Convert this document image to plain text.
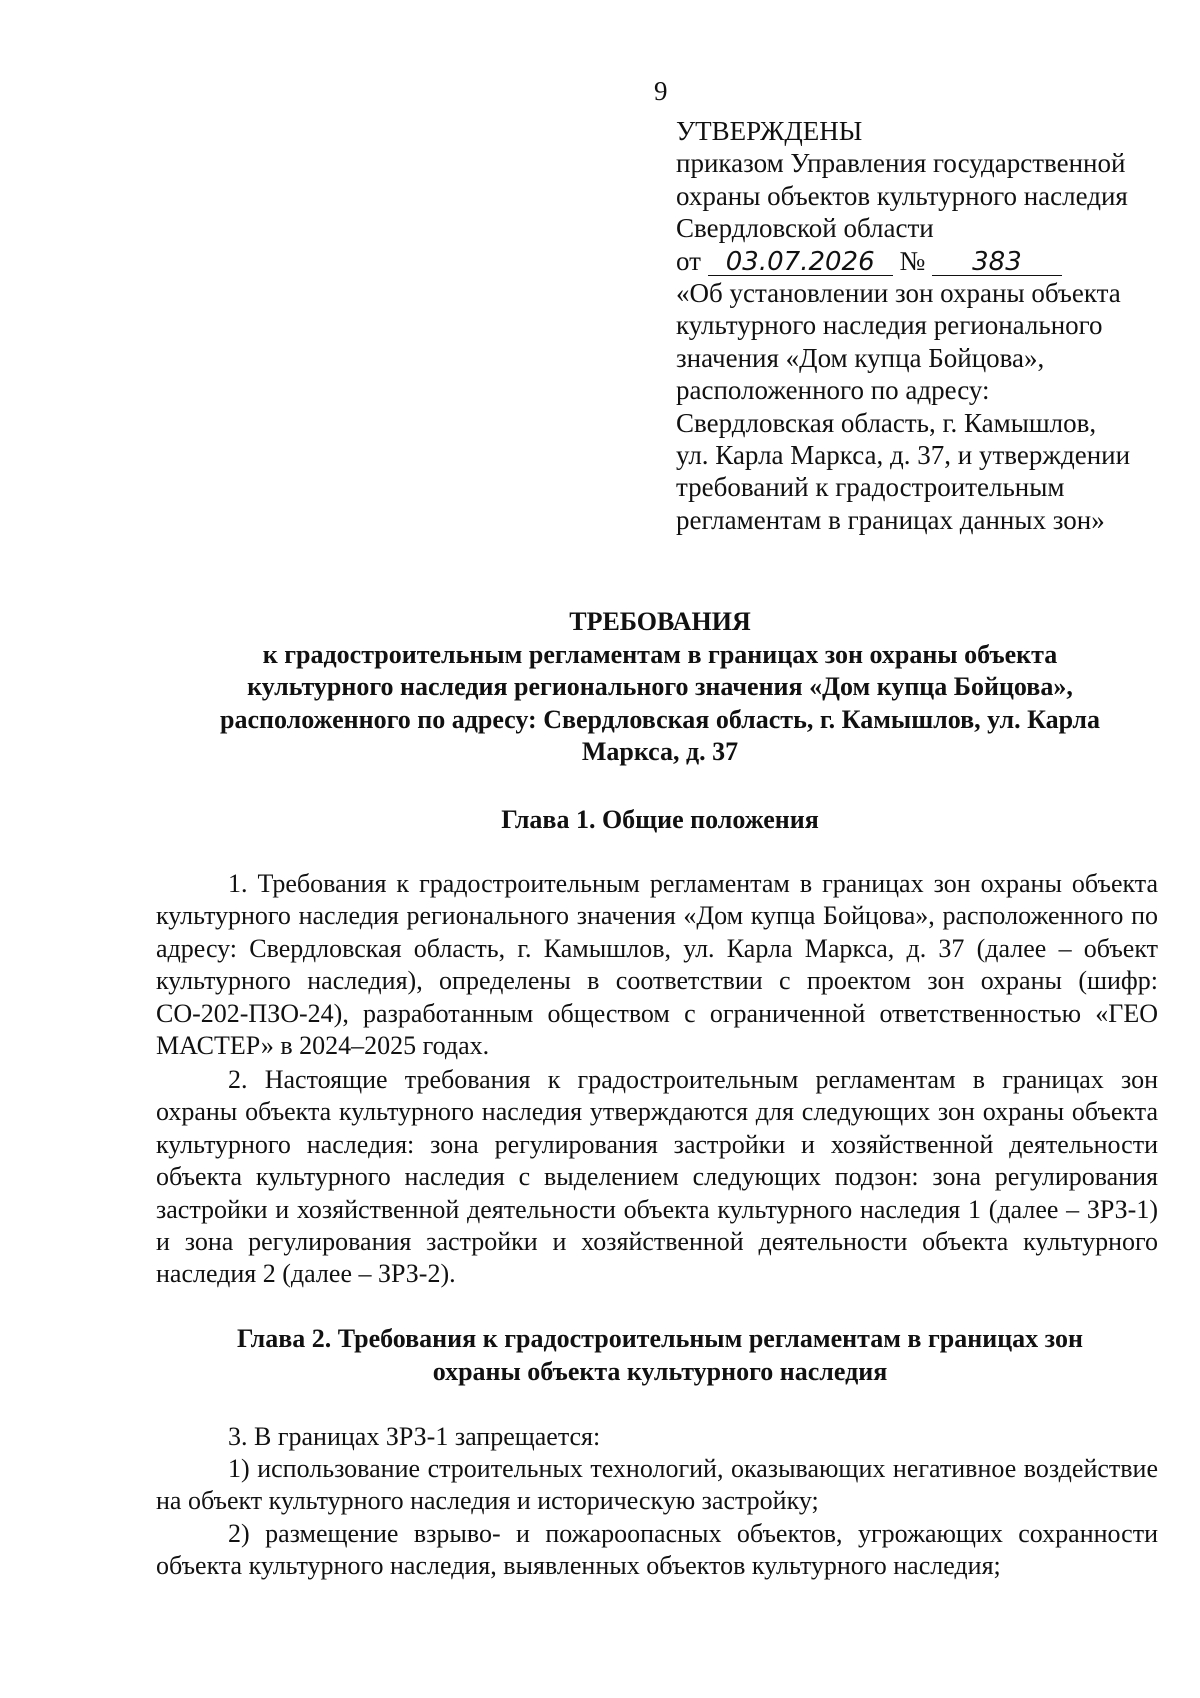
9
УТВЕРЖДЕНЫ
приказом Управления государственной
охраны объектов культурного наследия
Свердловской области
от 03.07.2026 № 383
«Об установлении зон охраны объекта
культурного наследия регионального
значения «Дом купца Бойцова»,
расположенного по адресу:
Свердловская область, г. Камышлов,
ул. Карла Маркса, д. 37, и утверждении
требований к градостроительным
регламентам в границах данных зон»
ТРЕБОВАНИЯ
к градостроительным регламентам в границах зон охраны объекта
культурного наследия регионального значения «Дом купца Бойцова»,
расположенного по адресу: Свердловская область, г. Камышлов, ул. Карла
Маркса, д. 37
Глава 1. Общие положения
1. Требования к градостроительным регламентам в границах зон охраны объекта культурного наследия регионального значения «Дом купца Бойцова», расположенного по адресу: Свердловская область, г. Камышлов, ул. Карла Маркса, д. 37 (далее – объект культурного наследия), определены в соответствии с проектом зон охраны (шифр: СО-202-ПЗО-24), разработанным обществом с ограниченной ответственностью «ГЕО МАСТЕР» в 2024–2025 годах.
2. Настоящие требования к градостроительным регламентам в границах зон охраны объекта культурного наследия утверждаются для следующих зон охраны объекта культурного наследия: зона регулирования застройки и хозяйственной деятельности объекта культурного наследия с выделением следующих подзон: зона регулирования застройки и хозяйственной деятельности объекта культурного наследия 1 (далее – ЗРЗ-1) и зона регулирования застройки и хозяйственной деятельности объекта культурного наследия 2 (далее – ЗРЗ-2).
Глава 2. Требования к градостроительным регламентам в границах зон
охраны объекта культурного наследия
3. В границах ЗРЗ-1 запрещается:
1) использование строительных технологий, оказывающих негативное воздействие на объект культурного наследия и историческую застройку;
2) размещение взрыво- и пожароопасных объектов, угрожающих сохранности объекта культурного наследия, выявленных объектов культурного наследия;
